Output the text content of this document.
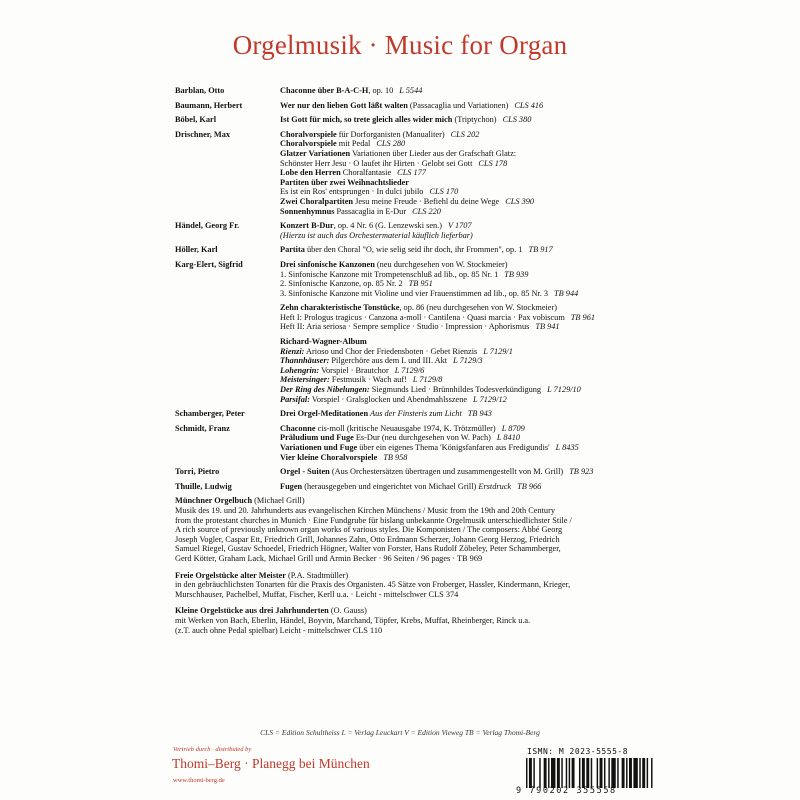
Orgelmusik · Music for Organ
Barblan, Otto	Chaconne über B-A-C-H, op. 10 L 5544
Baumann, Herbert	Wer nur den lieben Gott läßt walten (Passacaglia und Variationen) CLS 416
Böbel, Karl	Ist Gott für mich, so trete gleich alles wider mich (Triptychon) CLS 380
Drischner, Max	Choralvorspiele für Dorforganisten (Manualiter) CLS 202
Choralvorspiele mit Pedal CLS 280
Glatzer Variationen Variationen über Lieder aus der Grafschaft Glatz:
Schönster Herr Jesu · O laufet ihr Hirten · Gelobt sei Gott CLS 178
Lobe den Herren Choralfantasie CLS 177
Partiten über zwei Weihnachtslieder
Es ist ein Ros' entsprungen · In dulci jubilo CLS 170
Zwei Choralpartiten Jesu meine Freude · Befiehl du deine Wege CLS 390
Sonnenhymnus Passacaglia in E-Dur CLS 220
Händel, Georg Fr.	Konzert B-Dur, op. 4 Nr. 6 (G. Lenzewski sen.) V 1707
(Hierzu ist auch das Orchestermaterial käuflich lieferbar)
Höller, Karl	Partita über den Choral "O, wie selig seid ihr doch, ihr Frommen", op. 1 TB 917
Karg-Elert, Sigfrid	Drei sinfonische Kanzonen (neu durchgesehen von W. Stockmeier)
1. Sinfonische Kanzone mit Trompetenschluß ad lib., op. 85 Nr. 1 TB 939
2. Sinfonische Kanzone, op. 85 Nr. 2 TB 951
3. Sinfonische Kanzone mit Violine und vier Frauenstimmen ad lib., op. 85 Nr. 3 TB 944
Zehn charakteristische Tonstücke, op. 86 (neu durchgesehen von W. Stockmeier)
Heft I: Prologus tragicus · Canzona a-moll · Cantilena · Quasi marcia · Pax vobiscum TB 961
Heft II: Aria seriosa · Sempre semplice · Studio · Impression · Aphorismus TB 941
Richard-Wagner-Album
Rienzi: Arioso und Chor der Friedensboten · Gebet Rienzis L 7129/1
Thannhäuser: Pilgerchöre aus dem I. und III. Akt L 7129/3
Lohengrin: Vorspiel · Brautchor L 7129/6
Meistersinger: Festmusik · Wach auf! L 7129/8
Der Ring des Nibelungen: Siegmunds Lied · Brünnhildes Todesverkündigung L 7129/10
Parsifal: Vorspiel · Gralsglocken und Abendmahlsszene L 7129/12
Schamberger, Peter	Drei Orgel-Meditationen Aus der Finsteris zum Licht TB 943
Schmidt, Franz	Chaconne cis-moll (kritische Neuausgabe 1974, K. Trötzmüller) L 8709
Präludium und Fuge Es-Dur (neu durchgesehen von W. Pach) L 8410
Variationen und Fuge über ein eigenes Thema 'Königsfanfaren aus Fredigundis' L 8435
Vier kleine Choralvorspiele TB 958
Torri, Pietro	Orgel - Suiten (Aus Orchestersätzen übertragen und zusammengestellt von M. Grill) TB 923
Thuille, Ludwig	Fugen (herausgegeben und eingerichtet von Michael Grill) Erstdruck TB 966
Münchner Orgelbuch (Michael Grill)
Musik des 19. und 20. Jahrhunderts aus evangelischen Kirchen Münchens / Music from the 19th and 20th Century
from the protestant churches in Munich · Eine Fundgrube für bislang unbekannte Orgelmusik unterschiedlichster Stile /
A rich source of previously unknown organ works of various styles. Die Komponisten / The composers: Abbé Georg
Joseph Vogler, Caspar Ett, Friedrich Grill, Johannes Zahn, Otto Erdmann Scherzer, Johann Georg Herzog, Friedrich
Samuel Riegel, Gustav Schoedel, Friedrich Högner, Walter von Forster, Hans Rudolf Zöbeley, Peter Schammberger,
Gerd Kötter, Graham Lack, Michael Grill und Armin Becker · 96 Seiten / 96 pages · TB 969
Freie Orgelstücke alter Meister (P.A. Stadtmüller)
in den gebräuchlichsten Tonarten für die Praxis des Organisten. 45 Sätze von Froberger, Hassler, Kindermann, Krieger,
Murschhauser, Pachelbel, Muffat, Fischer, Kerll u.a. · Leicht - mittelschwer CLS 374
Kleine Orgelstücke aus drei Jahrhunderten (O. Gauss)
mit Werken von Bach, Eberlin, Händel, Boyvin, Marchand, Töpfer, Krebs, Muffat, Rheinberger, Rinck u.a.
(z.T. auch ohne Pedal spielbar) Leicht - mittelschwer CLS 110
CLS = Edition Schultheiss L = Verlag Leuckart V = Edition Vieweg TB = Verlag Thomi-Berg
Vertrieb durch · distributed by
Thomi–Berg · Planegg bei München
www.thomi-berg.de
ISMN: M 2023-5555-8
9 790202 355558
